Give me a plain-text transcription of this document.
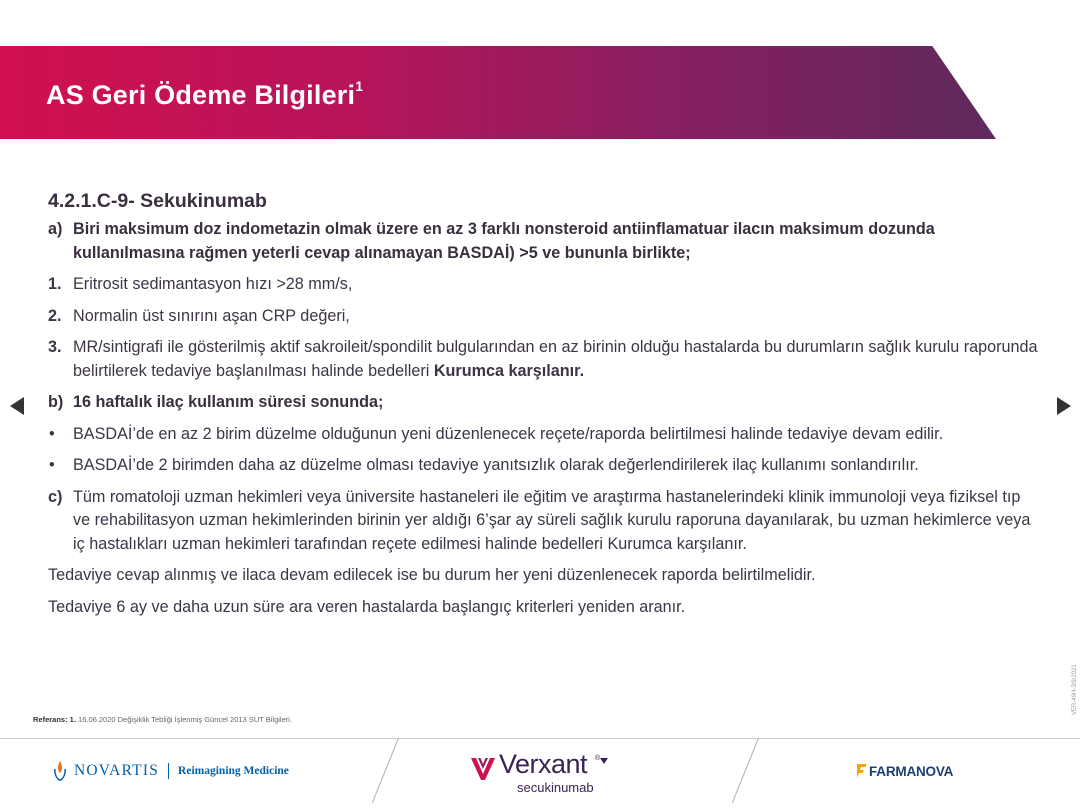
AS Geri Ödeme Bilgileri$^1$
4.2.1.C-9- Sekukinumab
a) Biri maksimum doz indometazin olmak üzere en az 3 farklı nonsteroid antiinflamatuar ilacın maksimum dozunda kullanılmasına rağmen yeterli cevap alınamayan BASDAİ) >5 ve bununla birlikte;
1. Eritrosit sedimantasyon hızı >28 mm/s,
2. Normalin üst sınırını aşan CRP değeri,
3. MR/sintigrafi ile gösterilmiş aktif sakroileit/spondilit bulgularından en az birinin olduğu hastalarda bu durumların sağlık kurulu raporunda belirtilerek tedaviye başlanılması halinde bedelleri Kurumca karşılanır.
b) 16 haftalık ilaç kullanım süresi sonunda;
• BASDAİ’de en az 2 birim düzelme olduğunun yeni düzenlenecek reçete/raporda belirtilmesi halinde tedaviye devam edilir.
• BASDAİ’de 2 birimden daha az düzelme olması tedaviye yanıtsızlık olarak değerlendirilerek ilaç kullanımı sonlandırılır.
c) Tüm romatoloji uzman hekimleri veya üniversite hastaneleri ile eğitim ve araştırma hastanelerindeki klinik immunoloji veya fiziksel tıp ve rehabilitasyon uzman hekimlerinden birinin yer aldığı 6’şar ay süreli sağlık kurulu raporuna dayanılarak, bu uzman hekimlerce veya iç hastalıkları uzman hekimleri tarafından reçete edilmesi halinde bedelleri Kurumca karşılanır.
Tedaviye cevap alınmış ve ilaca devam edilecek ise bu durum her yeni düzenlenecek raporda belirtilmelidir.
Tedaviye 6 ay ve daha uzun süre ara veren hastalarda başlangıç kriterleri yeniden aranır.
Referans: 1. 16.06.2020 Değişiklik Tebliği İşlenmiş Güncel 2013 SUT Bilgileri.
VER-49H-3/9/2021
NOVARTIS Reimagining Medicine	Verxant ®
secukinumab
FARMANOVA
